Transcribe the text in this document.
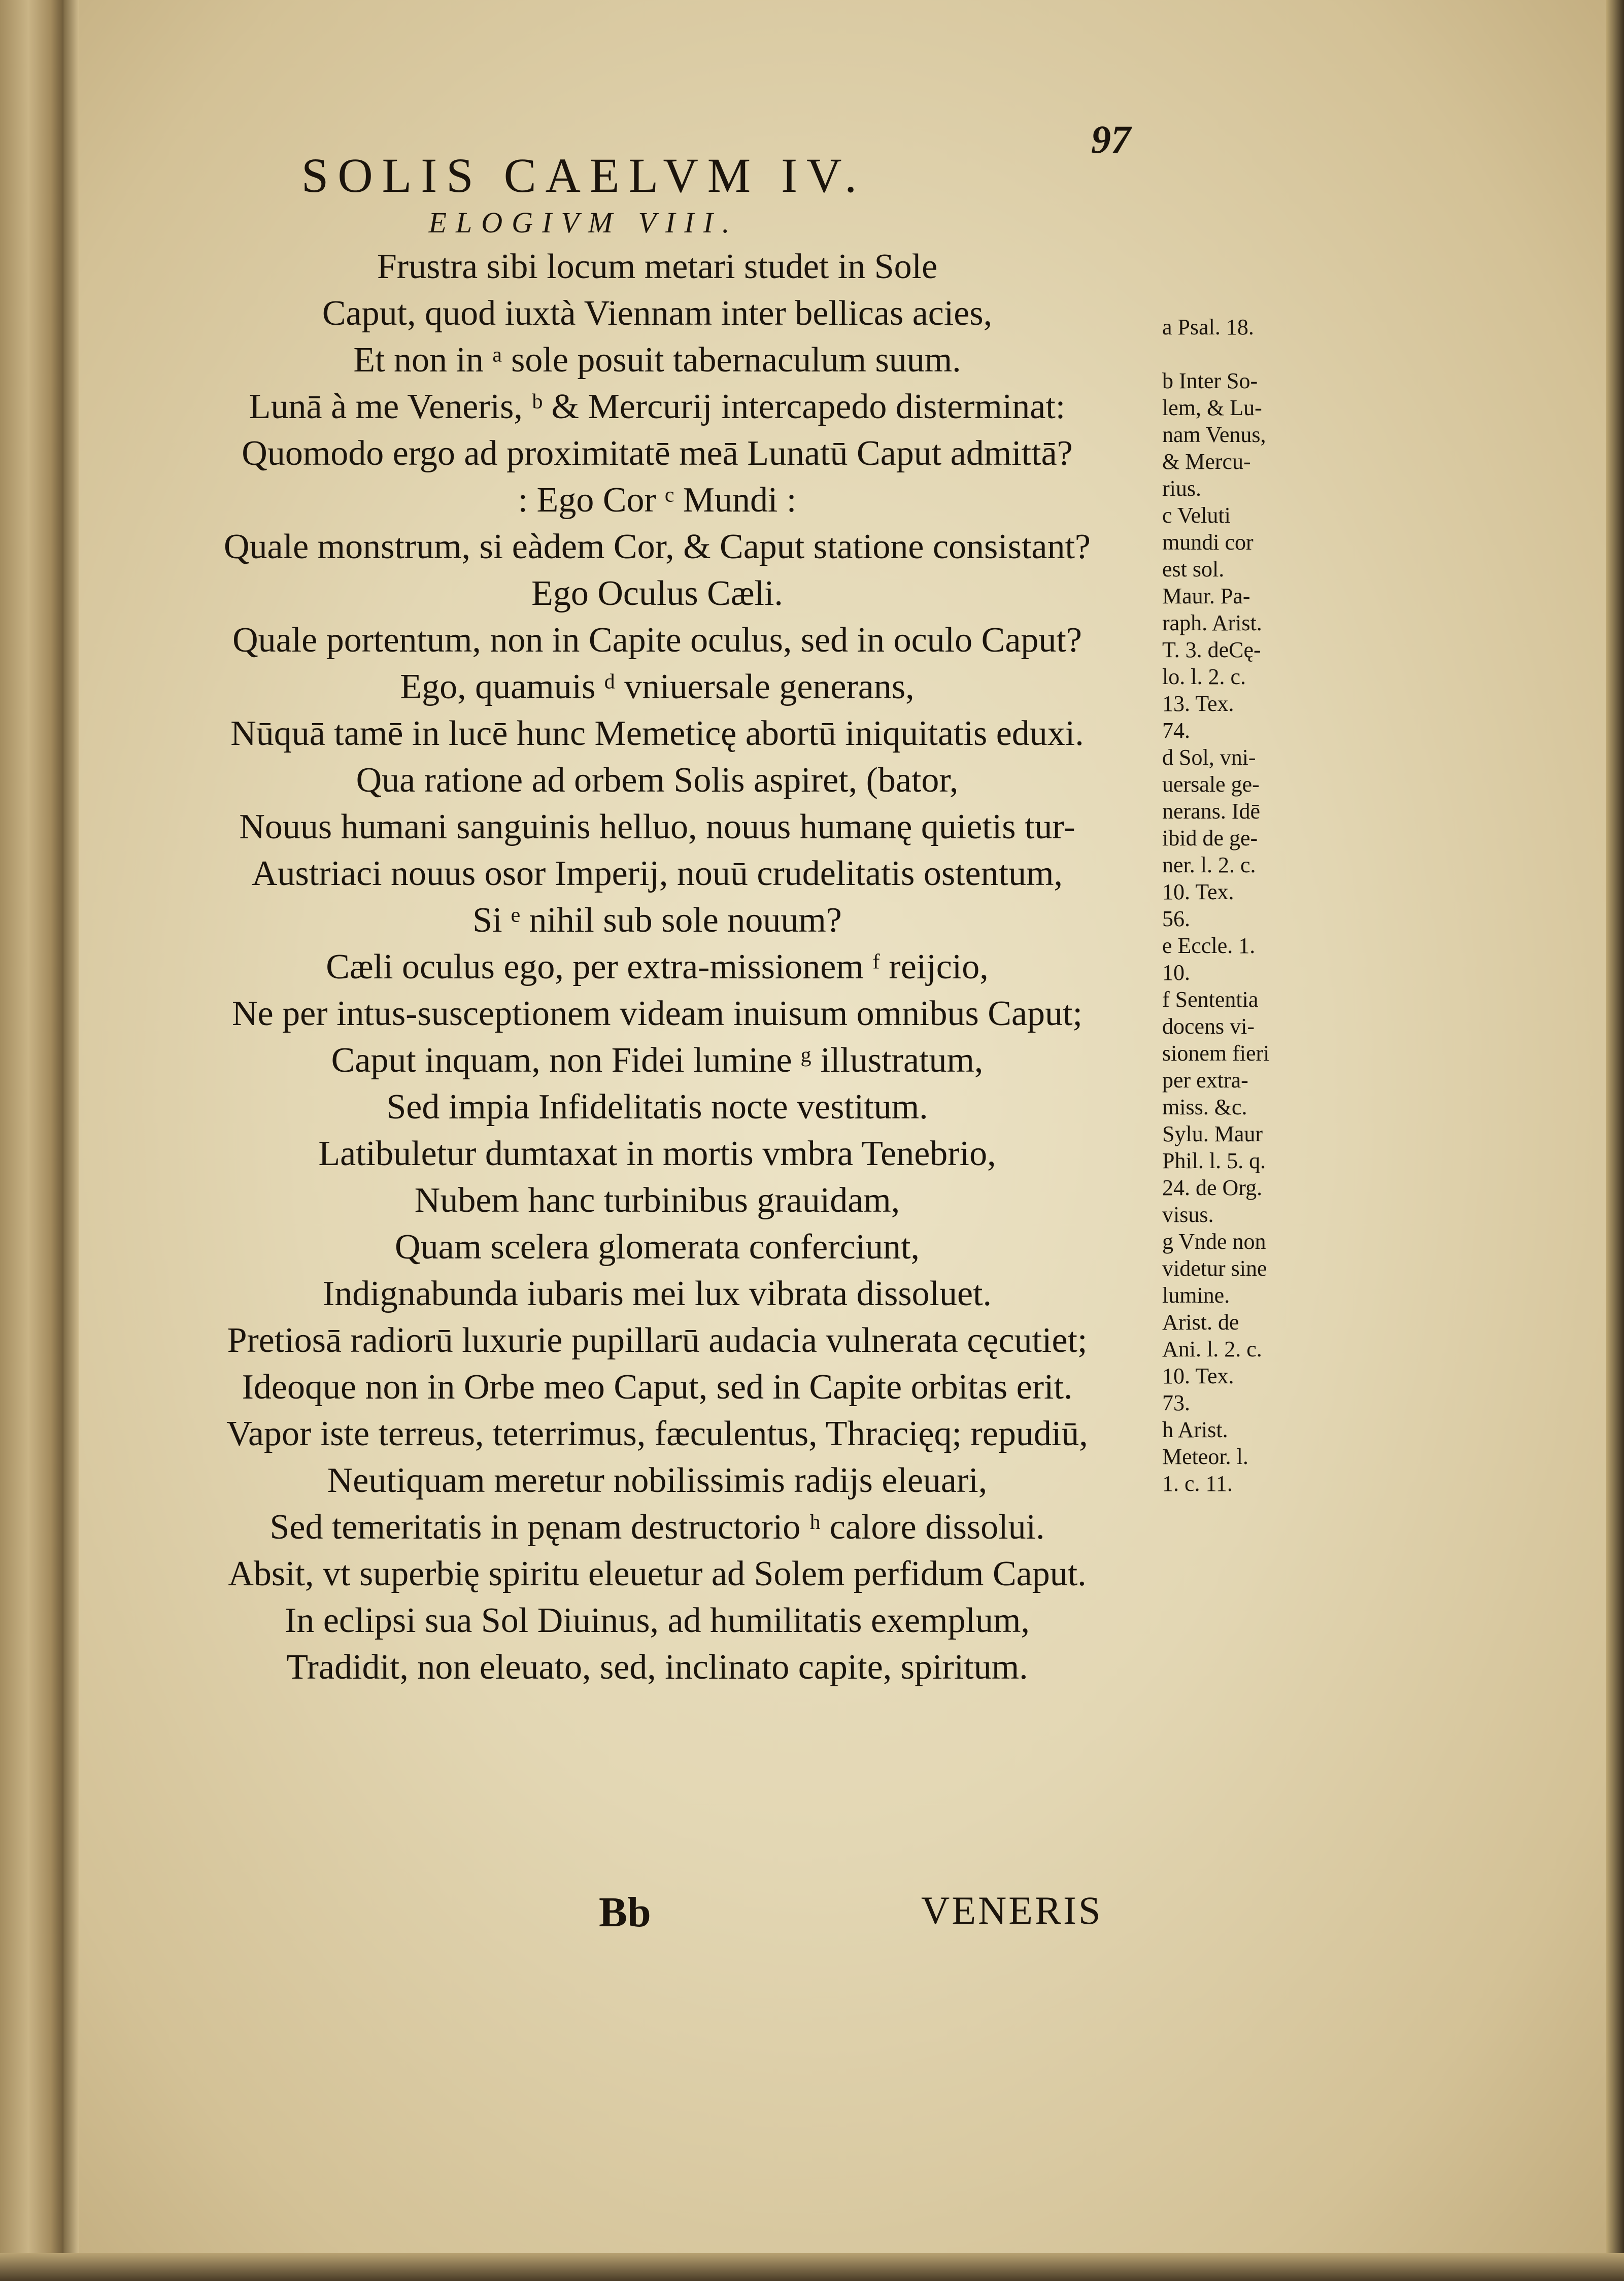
97
SOLIS CAELVM IV.
ELOGIVM VIII.
Frustra sibi locum metari studet in Sole
Caput, quod iuxtà Viennam inter bellicas acies,
Et non in ᵃ sole posuit tabernaculum suum.
Lunā à me Veneris, ᵇ & Mercurij intercapedo disterminat:
Quomodo ergo ad proximitatē meā Lunatū Caput admittā?
: Ego Cor ᶜ Mundi :
Quale monstrum, si eàdem Cor, & Caput statione consistant?
Ego Oculus Cæli.
Quale portentum, non in Capite oculus, sed in oculo Caput?
Ego, quamuis ᵈ vniuersale generans,
Nūquā tamē in lucē hunc Memeticę abortū iniquitatis eduxi.
Qua ratione ad orbem Solis aspiret, (bator,
Nouus humani sanguinis helluo, nouus humanę quietis tur-
Austriaci nouus osor Imperij, nouū crudelitatis ostentum,
Si ᵉ nihil sub sole nouum?
Cæli oculus ego, per extra-missionem ᶠ reijcio,
Ne per intus-susceptionem videam inuisum omnibus Caput;
Caput inquam, non Fidei lumine ᵍ illustratum,
Sed impia Infidelitatis nocte vestitum.
Latibuletur dumtaxat in mortis vmbra Tenebrio,
Nubem hanc turbinibus grauidam,
Quam scelera glomerata conferciunt,
Indignabunda iubaris mei lux vibrata dissoluet.
Pretiosā radiorū luxurie pupillarū audacia vulnerata cęcutiet;
Ideoque non in Orbe meo Caput, sed in Capite orbitas erit.
Vapor iste terreus, teterrimus, fæculentus, Thracięq; repudiū,
Neutiquam meretur nobilissimis radijs eleuari,
Sed temeritatis in pęnam destructorio ʰ calore dissolui.
Absit, vt superbię spiritu eleuetur ad Solem perfidum Caput.
In eclipsi sua Sol Diuinus, ad humilitatis exemplum,
Tradidit, non eleuato, sed, inclinato capite, spiritum.
a Psal. 18.
b Inter So-
lem, & Lu-
nam Venus,
& Mercu-
rius.
c Veluti
mundi cor
est sol.
Maur. Pa-
raph. Arist.
T. 3. deCę-
lo. l. 2. c.
13. Tex.
74.
d Sol, vni-
uersale ge-
nerans. Idē
ibid de ge-
ner. l. 2. c.
10. Tex.
56.
e Eccle. 1.
10.
f Sententia
docens vi-
sionem fieri
per extra-
miss. &c.
Sylu. Maur
Phil. l. 5. q.
24. de Org.
visus.
g Vnde non
videtur sine
lumine.
Arist. de
Ani. l. 2. c.
10. Tex.
73.
h Arist.
Meteor. l.
1. c. 11.
Bb	VENERIS
